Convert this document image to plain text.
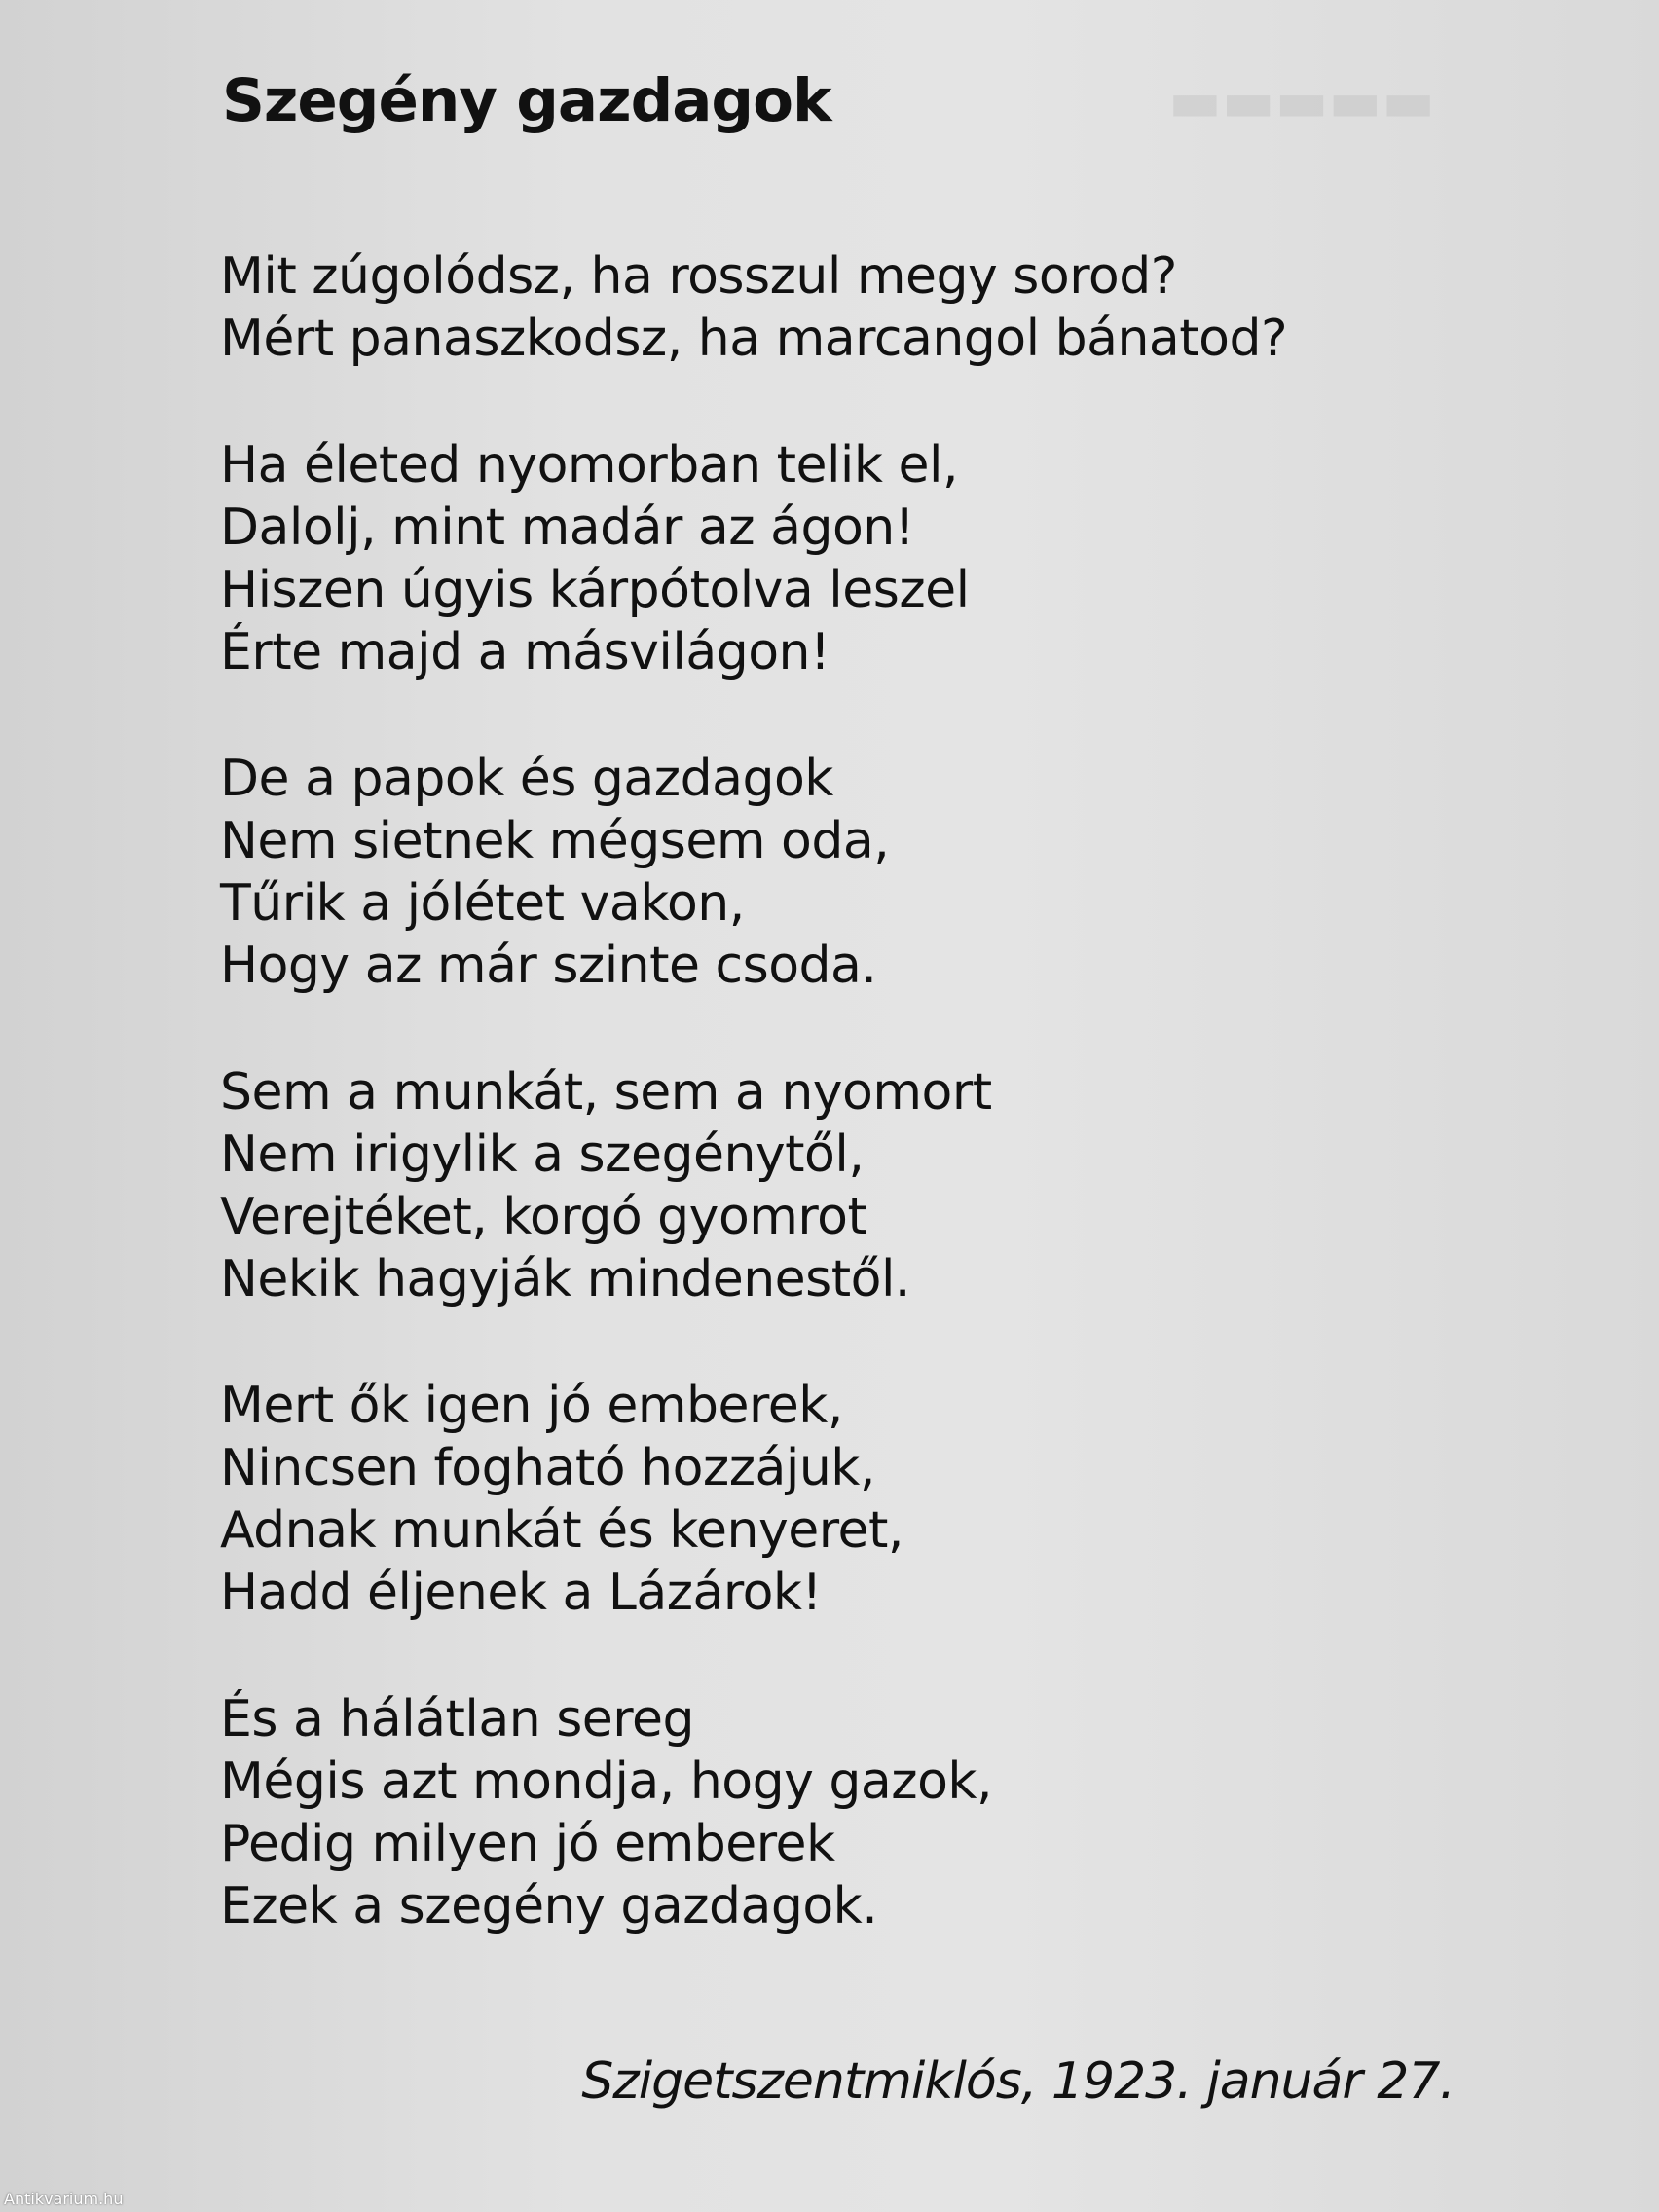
▬▬▬▬▬
Szegény gazdagok
Mit zúgolódsz, ha rosszul megy sorod?
Mért panaszkodsz, ha marcangol bánatod?
Ha életed nyomorban telik el,
Dalolj, mint madár az ágon!
Hiszen úgyis kárpótolva leszel
Érte majd a másvilágon!
De a papok és gazdagok
Nem sietnek mégsem oda,
Tűrik a jólétet vakon,
Hogy az már szinte csoda.
Sem a munkát, sem a nyomort
Nem irigylik a szegénytől,
Verejtéket, korgó gyomrot
Nekik hagyják mindenestől.
Mert ők igen jó emberek,
Nincsen fogható hozzájuk,
Adnak munkát és kenyeret,
Hadd éljenek a Lázárok!
És a hálátlan sereg
Mégis azt mondja, hogy gazok,
Pedig milyen jó emberek
Ezek a szegény gazdagok.
Szigetszentmiklós, 1923. január 27.
Antikvarium.hu
